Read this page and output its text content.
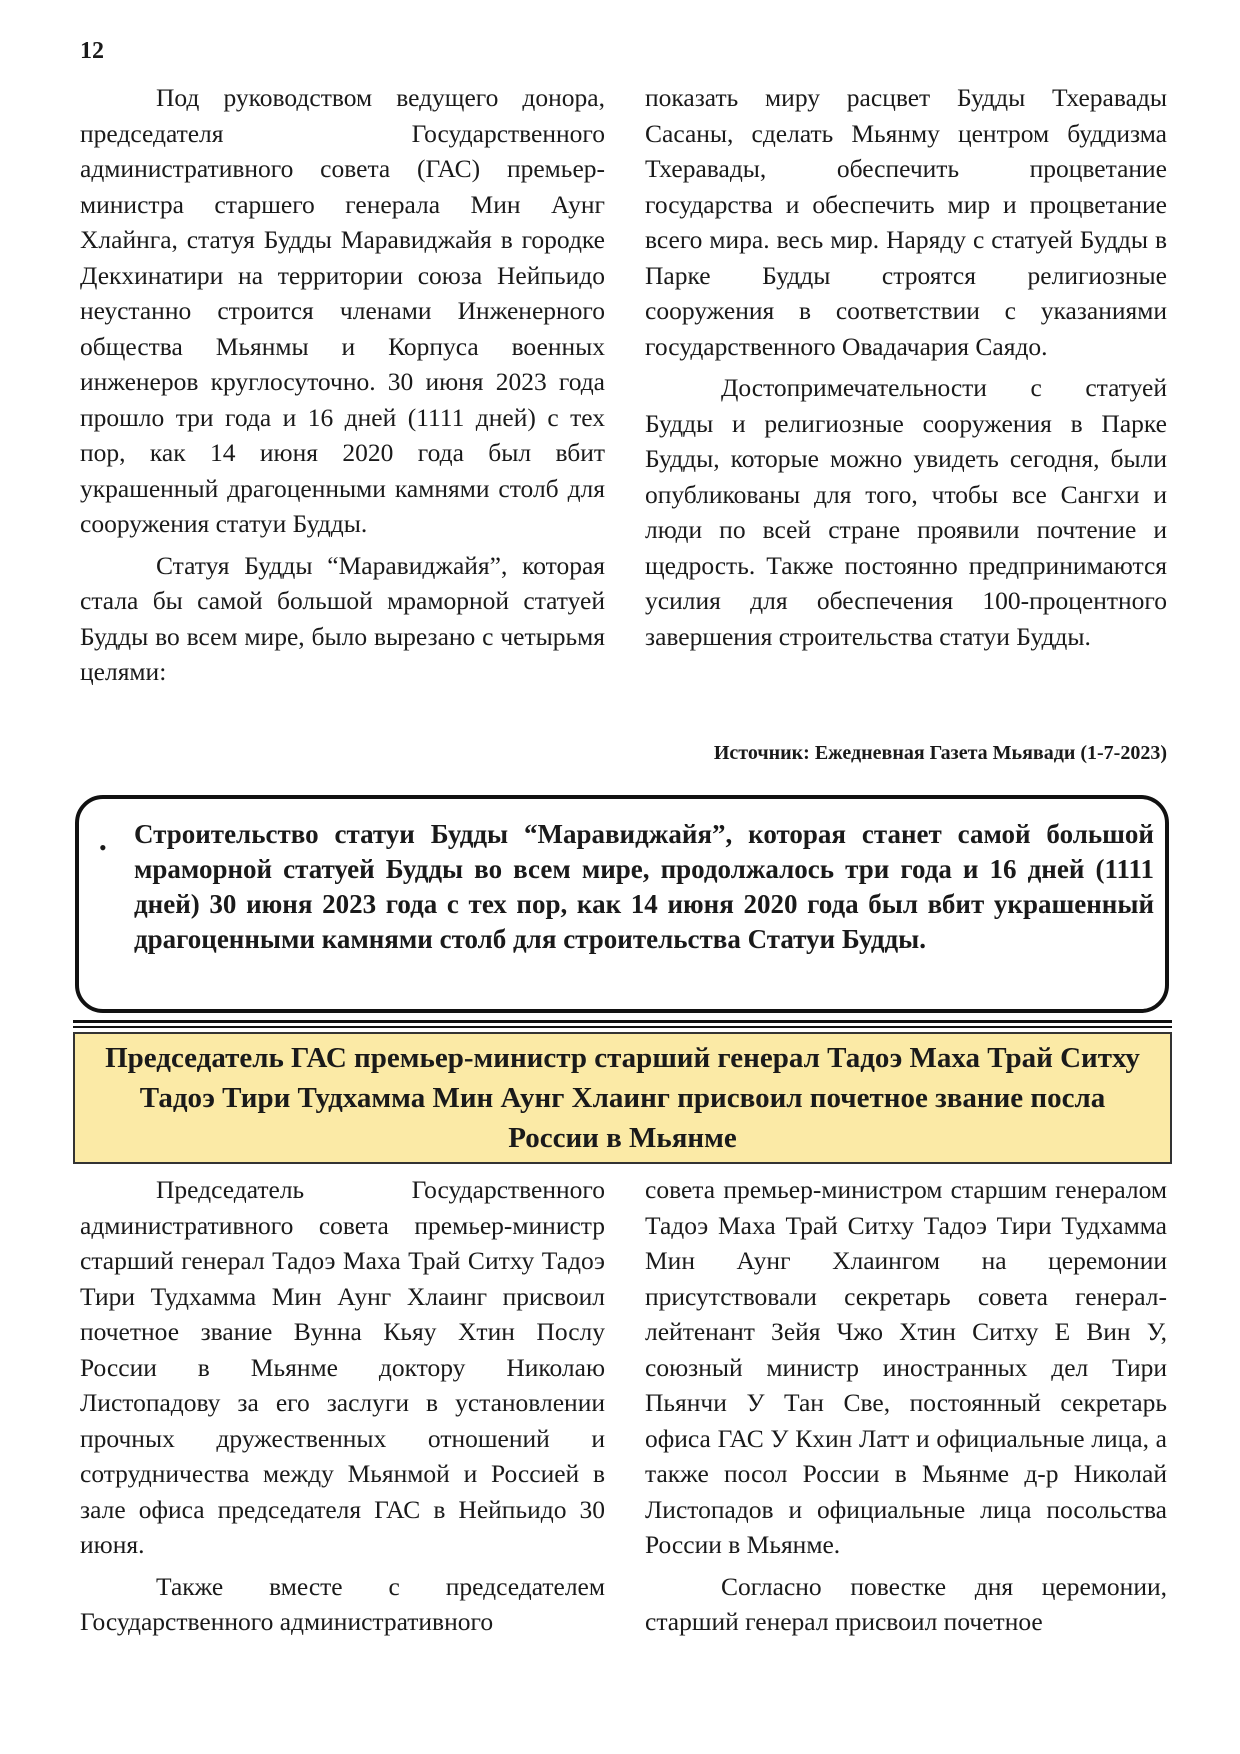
12

Под руководством ведущего донора, председателя Государственного административного совета (ГАС) премьер-министра старшего генерала Мин Аунг Хлайнга, статуя Будды Маравиджайя в городке Декхинатири на территории союза Нейпьидо неустанно строится членами Инженерного общества Мьянмы и Корпуса военных инженеров круглосуточно. 30 июня 2023 года прошло три года и 16 дней (1111 дней) с тех пор, как 14 июня 2020 года был вбит украшенный драгоценными камнями столб для сооружения статуи Будды.

Статуя Будды “Маравиджайя”, которая стала бы самой большой мраморной статуей Будды во всем мире, было вырезано с четырьмя целями:

показать миру расцвет Будды Тхеравады Сасаны, сделать Мьянму центром буддизма Тхеравады, обеспечить процветание государства и обеспечить мир и процветание всего мира. весь мир. Наряду с статуей Будды в Парке Будды строятся религиозные сооружения в соответствии с указаниями государственного Овадачария Саядо.

Достопримечательности с статуей Будды и религиозные сооружения в Парке Будды, которые можно увидеть сегодня, были опубликованы для того, чтобы все Сангхи и люди по всей стране проявили почтение и щедрость. Также постоянно предпринимаются усилия для обеспечения 100-процентного завершения строительства статуи Будды.

Источник: Ежедневная Газета Мьявади (1-7-2023)
• Строительство статуи Будды “Маравиджайя”, которая станет самой большой мраморной статуей Будды во всем мире, продолжалось три года и 16 дней (1111 дней) 30 июня 2023 года с тех пор, как 14 июня 2020 года был вбит украшенный драгоценными камнями столб для строительства Статуи Будды.
Председатель ГАС премьер-министр старший генерал Тадоэ Маха Трай Ситху Тадоэ Тири Тудхамма Мин Аунг Хлаинг присвоил почетное звание посла России в Мьянме

Председатель Государственного административного совета премьер-министр старший генерал Тадоэ Маха Трай Ситху Тадоэ Тири Тудхамма Мин Аунг Хлаинг присвоил почетное звание Вунна Кьяу Хтин Послу России в Мьянме доктору Николаю Листопадову за его заслуги в установлении прочных дружественных отношений и сотрудничества между Мьянмой и Россией в зале офиса председателя ГАС в Нейпьидо 30 июня.

Также вместе с председателем Государственного административного

совета премьер-министром старшим генералом Тадоэ Маха Трай Ситху Тадоэ Тири Тудхамма Мин Аунг Хлаингом на церемонии присутствовали секретарь совета генерал-лейтенант Зейя Чжо Хтин Ситху Е Вин У, союзный министр иностранных дел Тири Пьянчи У Тан Све, постоянный секретарь офиса ГАС У Кхин Латт и официальные лица, а также посол России в Мьянме д-р Николай Листопадов и официальные лица посольства России в Мьянме.

Согласно повестке дня церемонии, старший генерал присвоил почетное
